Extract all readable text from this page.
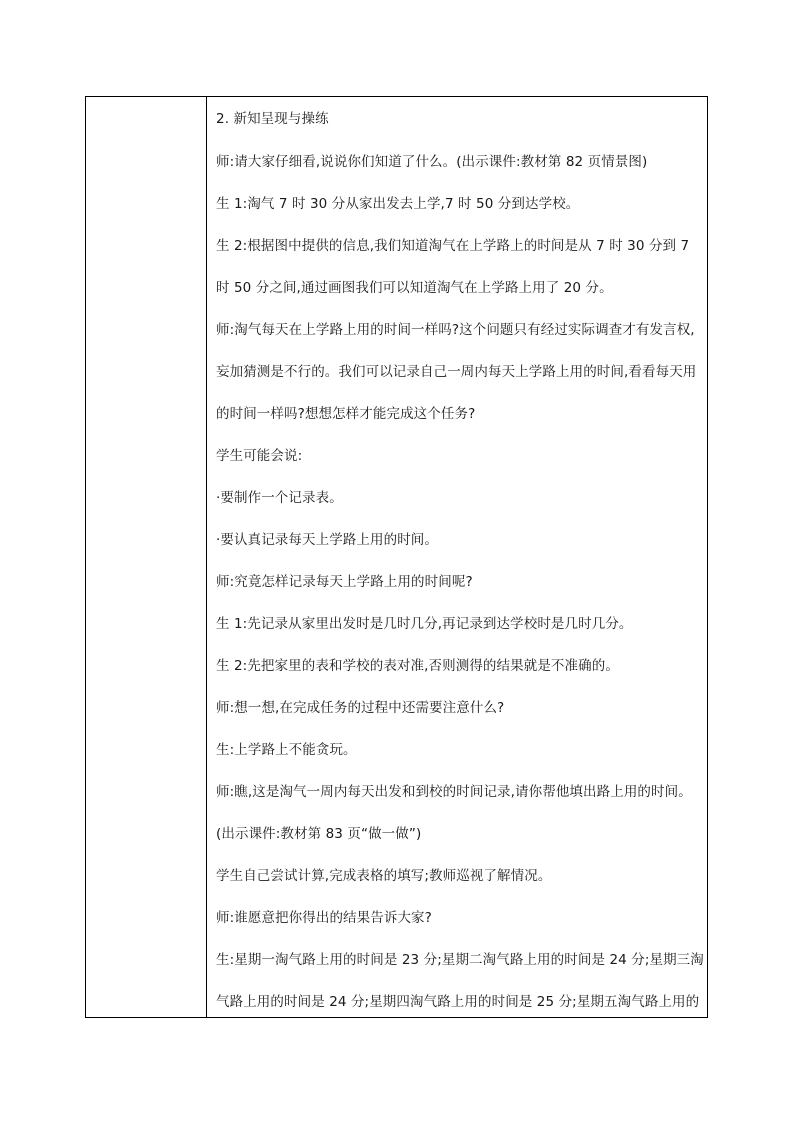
2. 新知呈现与操练
师:请大家仔细看,说说你们知道了什么。(出示课件:教材第 82 页情景图)
生 1:淘气 7 时 30 分从家出发去上学,7 时 50 分到达学校。
生 2:根据图中提供的信息,我们知道淘气在上学路上的时间是从 7 时 30 分到 7
时 50 分之间,通过画图我们可以知道淘气在上学路上用了 20 分。
师:淘气每天在上学路上用的时间一样吗?这个问题只有经过实际调查才有发言权,
妄加猜测是不行的。我们可以记录自己一周内每天上学路上用的时间,看看每天用
的时间一样吗?想想怎样才能完成这个任务?
学生可能会说:
·要制作一个记录表。
·要认真记录每天上学路上用的时间。
师:究竟怎样记录每天上学路上用的时间呢?
生 1:先记录从家里出发时是几时几分,再记录到达学校时是几时几分。
生 2:先把家里的表和学校的表对准,否则测得的结果就是不准确的。
师:想一想,在完成任务的过程中还需要注意什么?
生:上学路上不能贪玩。
师:瞧,这是淘气一周内每天出发和到校的时间记录,请你帮他填出路上用的时间。
(出示课件:教材第 83 页“做一做”)
学生自己尝试计算,完成表格的填写;教师巡视了解情况。
师:谁愿意把你得出的结果告诉大家?
生:星期一淘气路上用的时间是 23 分;星期二淘气路上用的时间是 24 分;星期三淘
气路上用的时间是 24 分;星期四淘气路上用的时间是 25 分;星期五淘气路上用的
